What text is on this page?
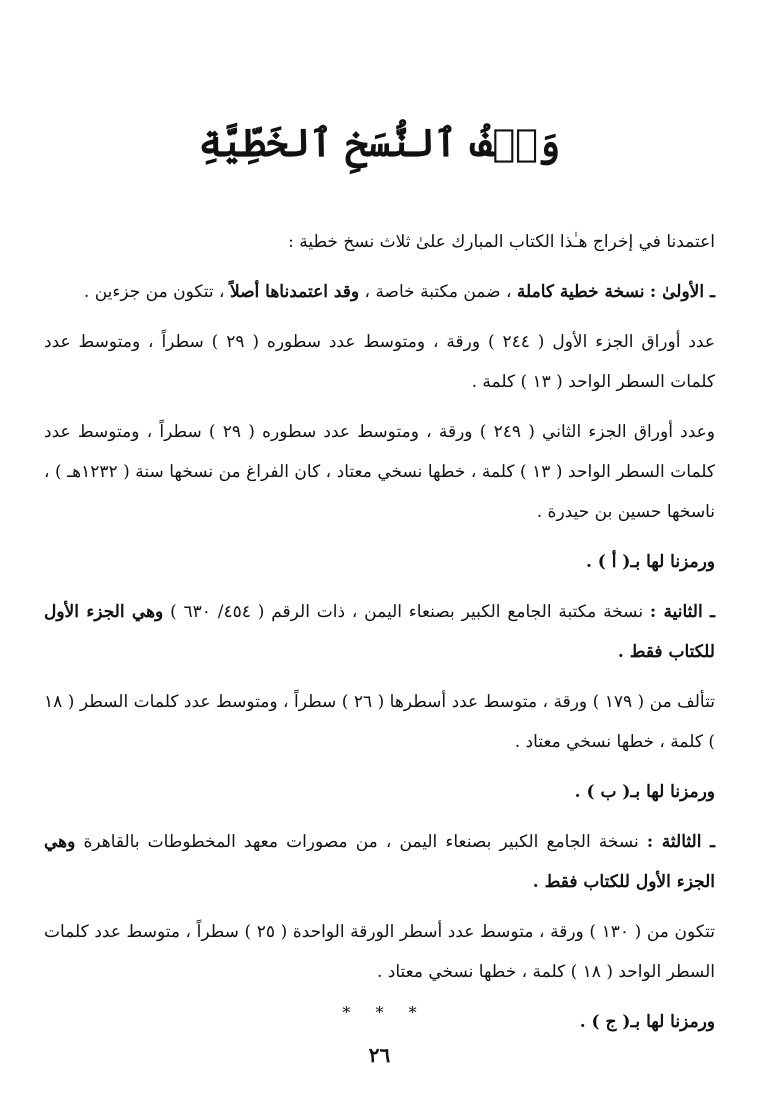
وَصۡفُ ٱلنُّسَخِ ٱلخَطِّيَّةِ

اعتمدنا في إخراج هـٰذا الكتاب المبارك علىٰ ثلاث نسخ خطية :

ـ الأولىٰ : نسخة خطية كاملة ، ضمن مكتبة خاصة ، وقد اعتمدناها أصلاً ، تتكون من جزءين .

عدد أوراق الجزء الأول ( ٢٤٤ ) ورقة ، ومتوسط عدد سطوره ( ٢٩ ) سطراً ، ومتوسط عدد كلمات السطر الواحد ( ١٣ ) كلمة .

وعدد أوراق الجزء الثاني ( ٢٤٩ ) ورقة ، ومتوسط عدد سطوره ( ٢٩ ) سطراً ، ومتوسط عدد كلمات السطر الواحد ( ١٣ ) كلمة ، خطها نسخي معتاد ، كان الفراغ من نسخها سنة ( ١٢٣٢هـ ) ، ناسخها حسين بن حيدرة .

ورمزنا لها بـ( أ ) .

ـ الثانية : نسخة مكتبة الجامع الكبير بصنعاء اليمن ، ذات الرقم ( ٤٥٤/ ٦٣٠ ) وهي الجزء الأول للكتاب فقط .

تتألف من ( ١٧٩ ) ورقة ، متوسط عدد أسطرها ( ٢٦ ) سطراً ، ومتوسط عدد كلمات السطر ( ١٨ ) كلمة ، خطها نسخي معتاد .

ورمزنا لها بـ( ب ) .

ـ الثالثة : نسخة الجامع الكبير بصنعاء اليمن ، من مصورات معهد المخطوطات بالقاهرة وهي الجزء الأول للكتاب فقط .

تتكون من ( ١٣٠ ) ورقة ، متوسط عدد أسطر الورقة الواحدة ( ٢٥ ) سطراً ، متوسط عدد كلمات السطر الواحد ( ١٨ ) كلمة ، خطها نسخي معتاد .

ورمزنا لها بـ( ج ) .

* * *
٢٦
